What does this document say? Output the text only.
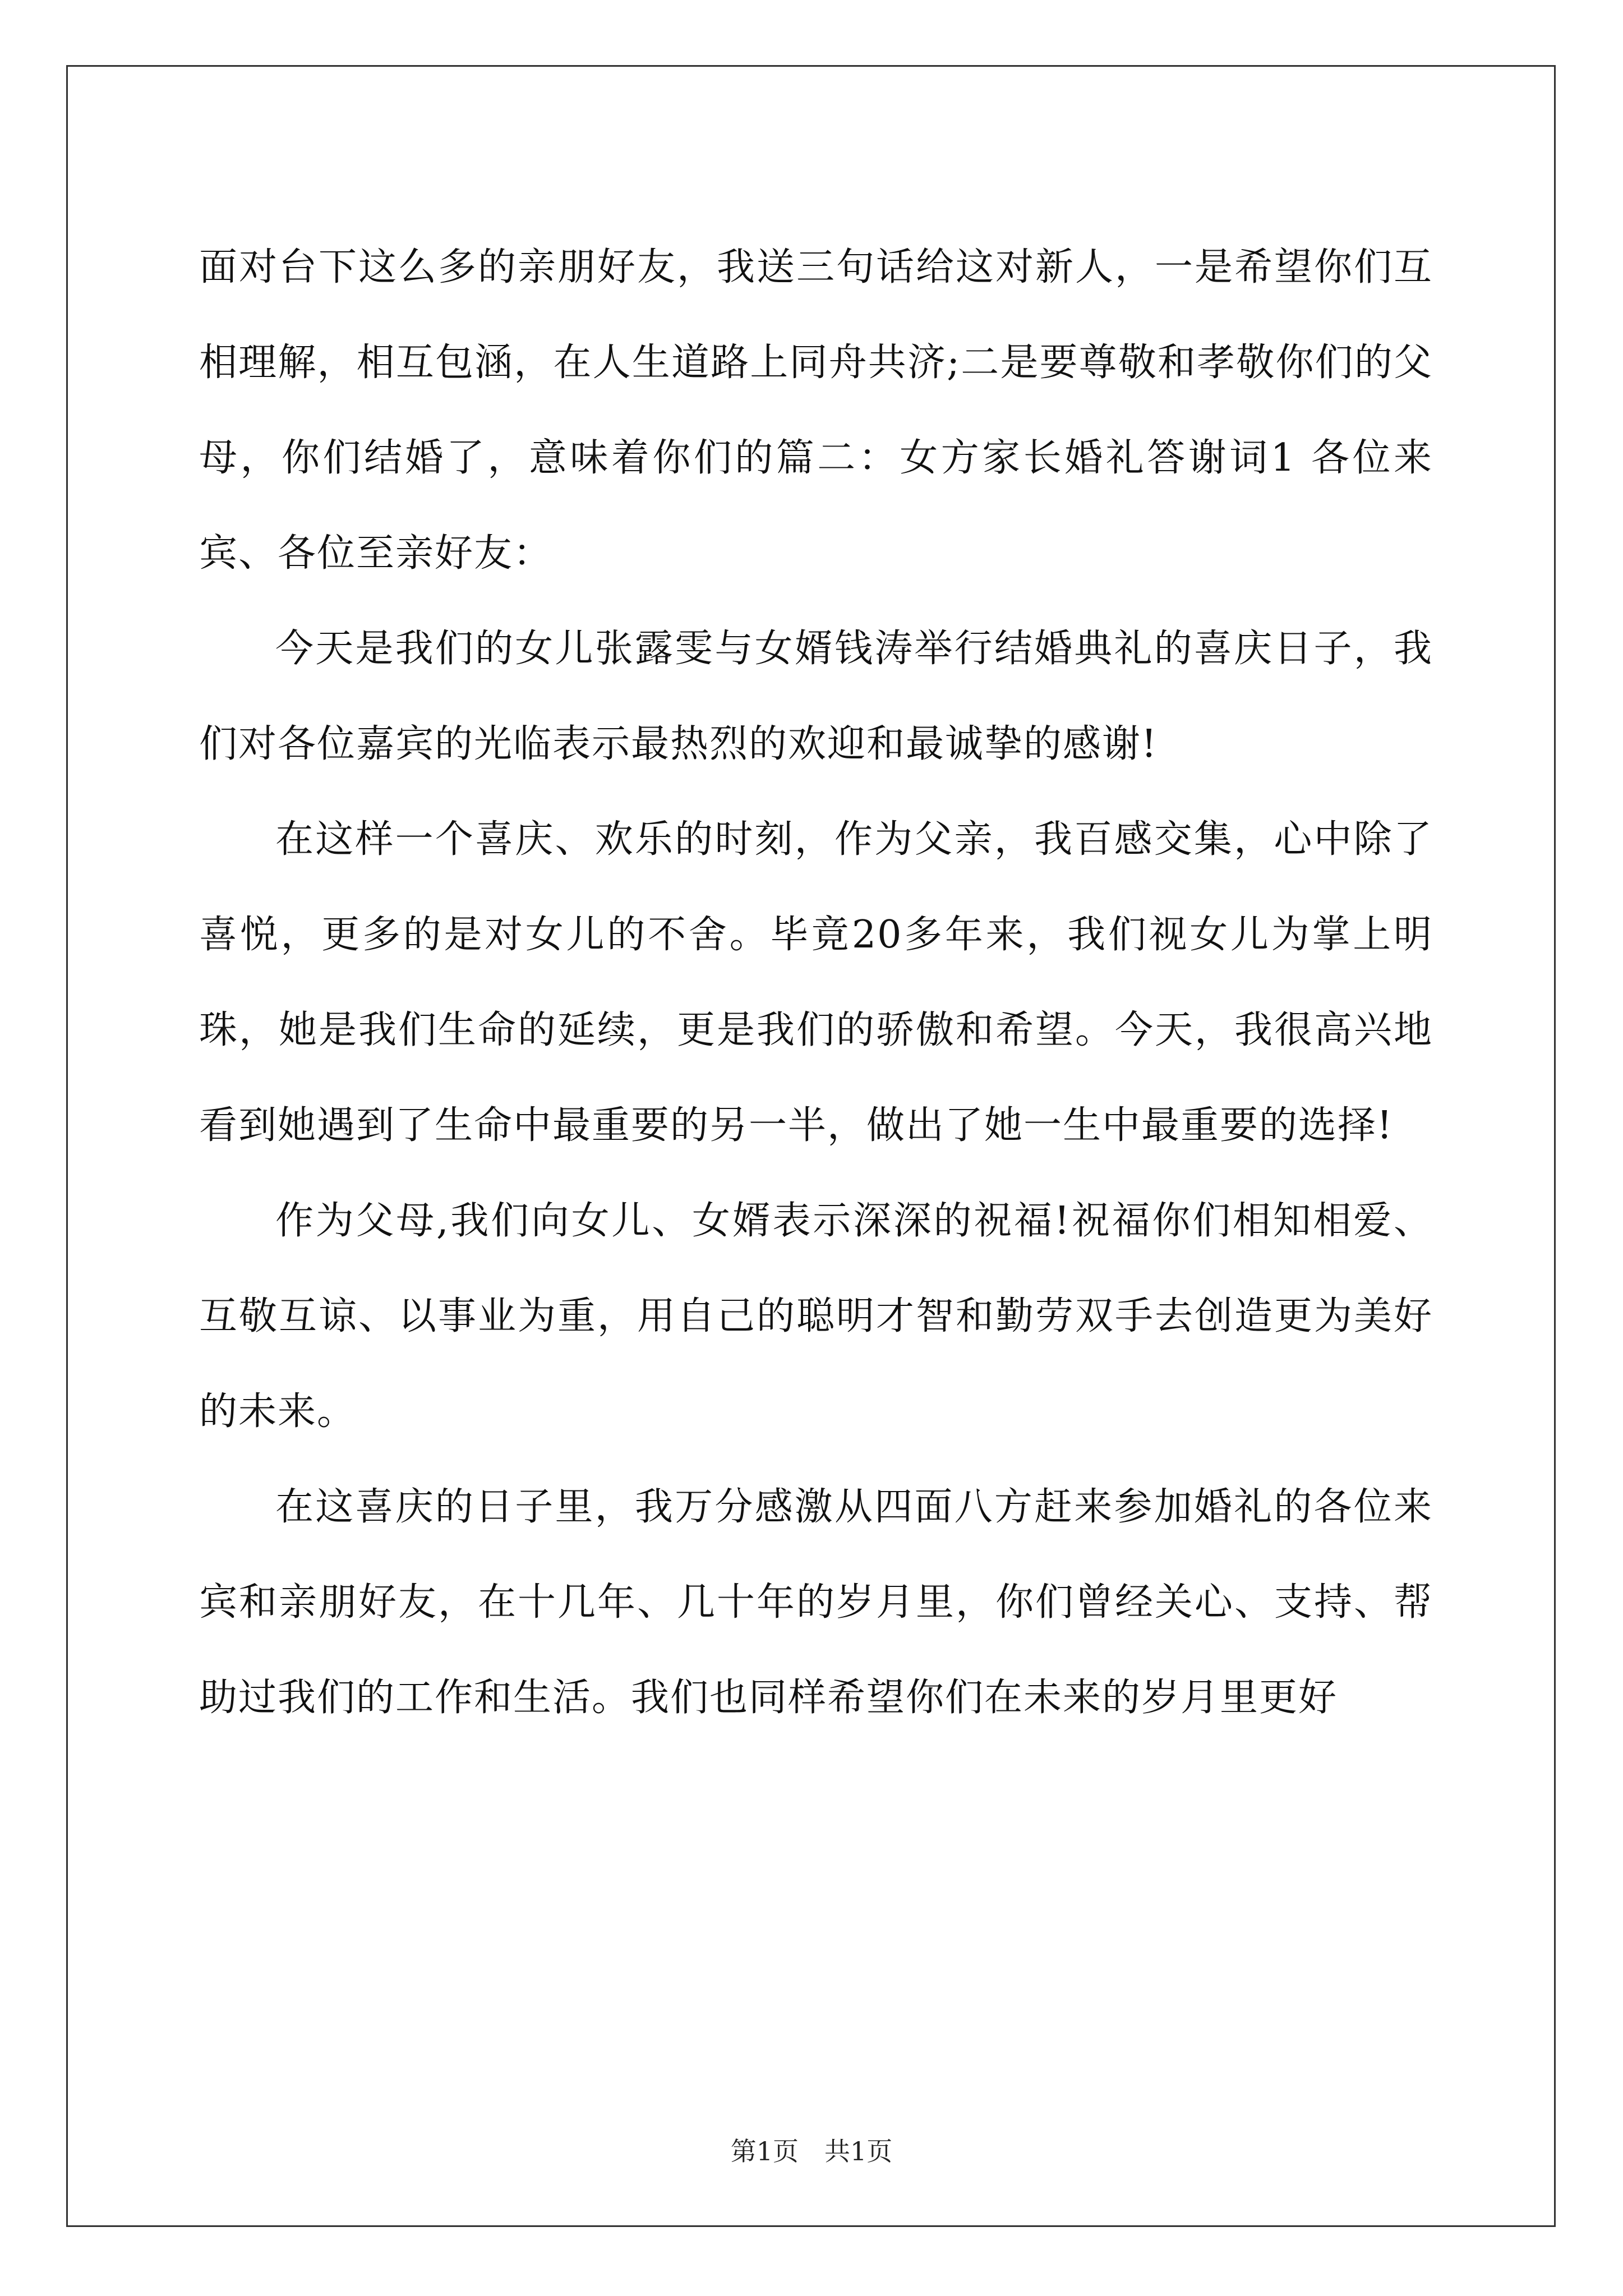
面对台下这么多的亲朋好友，我送三句话给这对新人，一是希望你们互相理解，相互包涵，在人生道路上同舟共济;二是要尊敬和孝敬你们的父母，你们结婚了，意味着你们的篇二：女方家长婚礼答谢词1 各位来宾、各位至亲好友：

今天是我们的女儿张露雯与女婿钱涛举行结婚典礼的喜庆日子，我们对各位嘉宾的光临表示最热烈的欢迎和最诚挚的感谢!

在这样一个喜庆、欢乐的时刻，作为父亲，我百感交集，心中除了喜悦，更多的是对女儿的不舍。毕竟20多年来，我们视女儿为掌上明珠，她是我们生命的延续，更是我们的骄傲和希望。今天，我很高兴地看到她遇到了生命中最重要的另一半，做出了她一生中最重要的选择!

作为父母,我们向女儿、女婿表示深深的祝福!祝福你们相知相爱、互敬互谅、以事业为重，用自己的聪明才智和勤劳双手去创造更为美好的未来。

在这喜庆的日子里，我万分感激从四面八方赶来参加婚礼的各位来宾和亲朋好友，在十几年、几十年的岁月里，你们曾经关心、支持、帮助过我们的工作和生活。我们也同样希望你们在未来的岁月里更好

第1页　共1页
